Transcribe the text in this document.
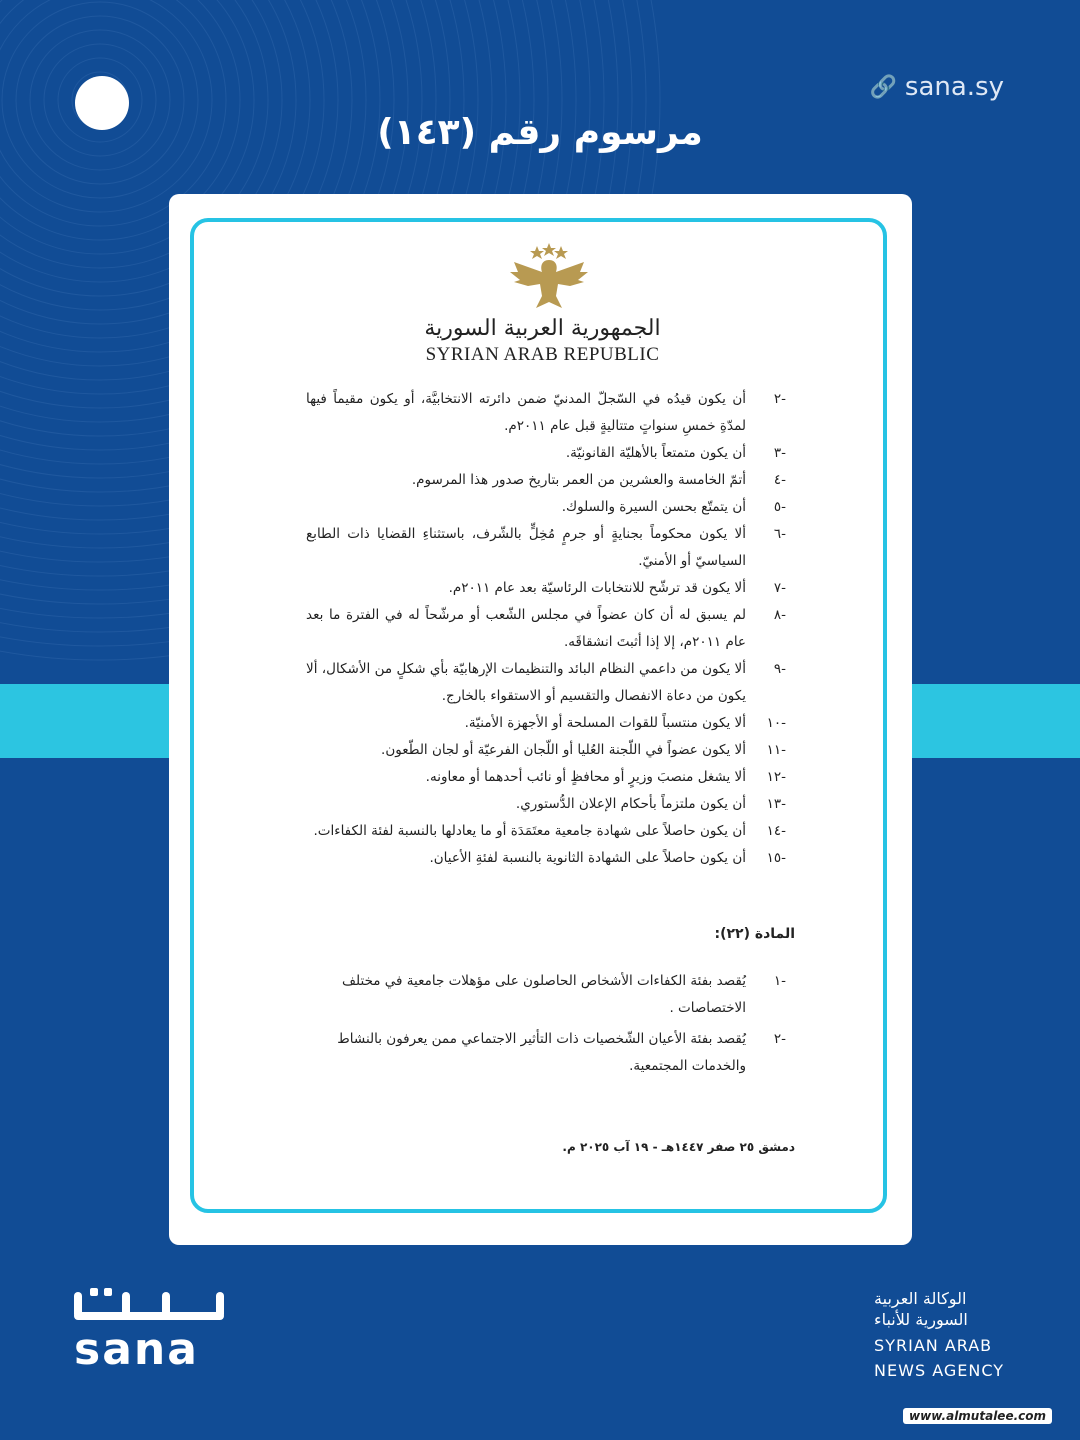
🔗 sana.sy
مرسوم رقم (١٤٣)
الجمهورية العربية السورية
SYRIAN ARAB REPUBLIC
-٢
أن يكون قيدُه في السّجلّ المدنيّ ضمن دائرته الانتخابيَّة، أو يكون مقيماً فيها لمدّةِ خمسِ سنواتٍ متتاليةٍ قبل عام ٢٠١١م.
-٣
أن يكون متمتعاً بالأهليّة القانونيّة.
-٤
أتمّ الخامسة والعشرين من العمر بتاريخ صدور هذا المرسوم.
-٥
أن يتمتّع بحسن السيرة والسلوك.
-٦
ألا يكون محكوماً بجنايةٍ أو جرمٍ مُخِلٍّ بالشّرف، باستثناءِ القضايا ذات الطابع السياسيّ أو الأمنيّ.
-٧
ألا يكون قد ترشّح للانتخابات الرئاسيّة بعد عام ٢٠١١م.
-٨
لم يسبق له أن كان عضواً في مجلس الشّعب أو مرشّحاً له في الفترة ما بعد عام ٢٠١١م، إلا إذا أثبتَ انشقاقَه.
-٩
ألا يكون من داعمي النظام البائد والتنظيمات الإرهابيّة بأي شكلٍ من الأشكال، ألا يكون من دعاة الانفصال والتقسيم أو الاستقواء بالخارج.
-١٠
ألا يكون منتسباً للقوات المسلحة أو الأجهزة الأمنيّة.
-١١
ألا يكون عضواً في اللّجنة العُليا أو اللّجان الفرعيّة أو لجان الطّعون.
-١٢
ألا يشغل منصبَ وزيرٍ أو محافظٍ أو نائب أحدهما أو معاونه.
-١٣
أن يكون ملتزماً بأحكام الإعلان الدُّستوري.
-١٤
أن يكون حاصلاً على شهادة جامعية معتَمَدَة أو ما يعادلها بالنسبة لفئة الكفاءات.
-١٥
أن يكون حاصلاً على الشهادة الثانوية بالنسبة لفئةِ الأعيان.
المادة (٢٢):
-١
يُقصد بفئة الكفاءات الأشخاص الحاصلون على مؤهلات جامعية في مختلف الاختصاصات .
-٢
يُقصد بفئة الأعيان الشّخصيات ذات التأثير الاجتماعي ممن يعرفون بالنشاط والخدمات المجتمعية.
دمشق ٢٥ صفر ١٤٤٧هـ - ١٩ آب ٢٠٢٥ م.
sana
الوكالة العربية
السورية للأنباء
SYRIAN ARAB
NEWS AGENCY
www.almutalee.com
